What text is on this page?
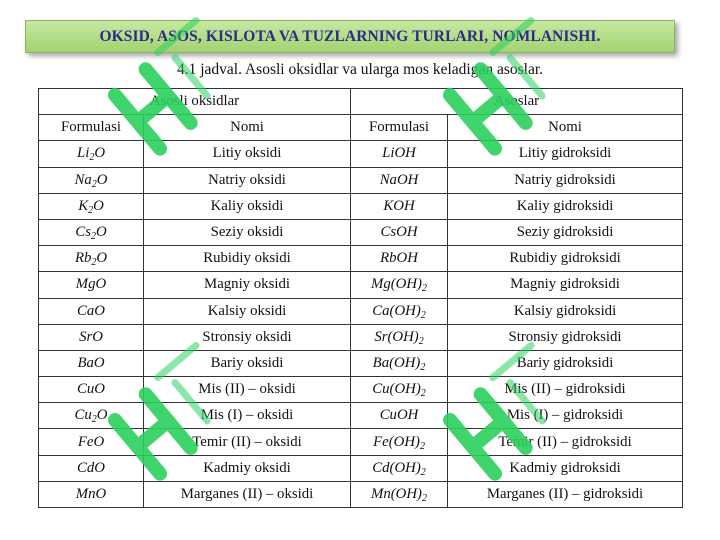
OKSID, ASOS, KISLOTA VA TUZLARNING TURLARI, NOMLANISHI.
4.1 jadval. Asosli oksidlar va ularga mos keladigan asoslar.
Asosli oksidlar		Asoslar	
Formulasi	Nomi	Formulasi	Nomi
$Li_2O$	Litiy oksidi	LiOH	Litiy gidroksidi
$Na_2O$	Natriy oksidi	NaOH	Natriy gidroksidi
$K_2O$	Kaliy oksidi	KOH	Kaliy gidroksidi
$Cs_2O$	Seziy oksidi	CsOH	Seziy gidroksidi
$Rb_2O$	Rubidiy oksidi	RbOH	Rubidiy gidroksidi
MgO	Magniy oksidi	$Mg(OH)_2$	Magniy gidroksidi
CaO	Kalsiy oksidi	$Ca(OH)_2$	Kalsiy gidroksidi
SrO	Stronsiy oksidi	$Sr(OH)_2$	Stronsiy gidroksidi
BaO	Bariy oksidi	$Ba(OH)_2$	Bariy gidroksidi
CuO	Mis (II) – oksidi	$Cu(OH)_2$	Mis (II) – gidroksidi
$Cu_2O$	Mis (I) – oksidi	CuOH	Mis (I) – gidroksidi
FeO	Temir (II) – oksidi	$Fe(OH)_2$	Temir (II) – gidroksidi
CdO	Kadmiy oksidi	$Cd(OH)_2$	Kadmiy gidroksidi
MnO	Marganes (II) – oksidi	$Mn(OH)_2$	Marganes (II) – gidroksidi
